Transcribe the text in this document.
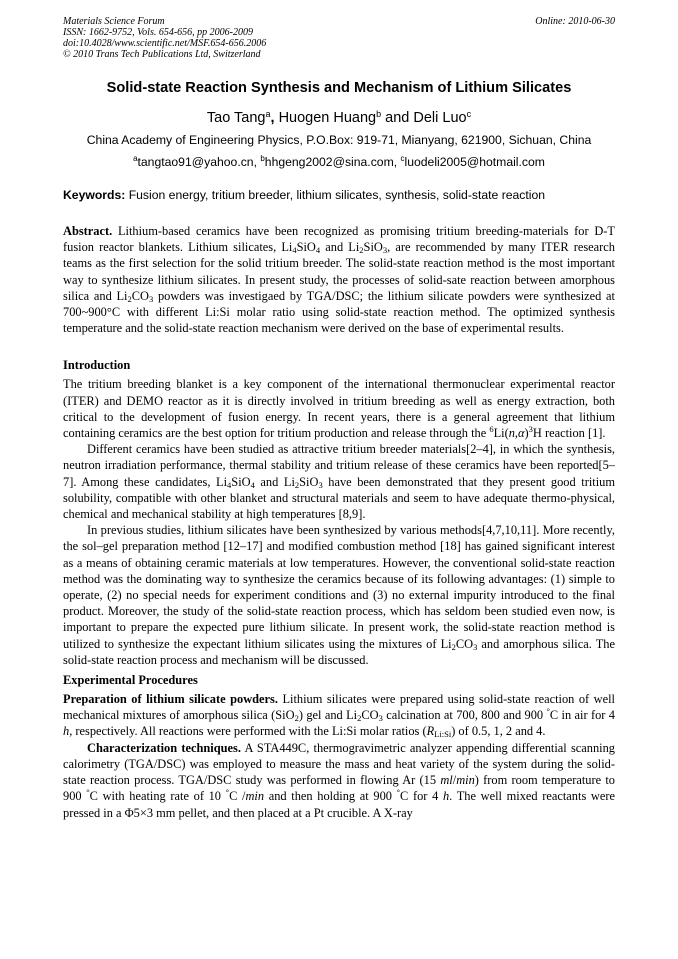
Materials Science Forum
ISSN: 1662-9752, Vols. 654-656, pp 2006-2009
doi:10.4028/www.scientific.net/MSF.654-656.2006
© 2010 Trans Tech Publications Ltd, Switzerland
Online: 2010-06-30
Solid-state Reaction Synthesis and Mechanism of Lithium Silicates
Tao Tang$^a$, Huogen Huang$^b$ and Deli Luo$^c$
China Academy of Engineering Physics, P.O.Box: 919-71, Mianyang, 621900, Sichuan, China
$^a$tangtao91@yahoo.cn, $^b$hhgeng2002@sina.com, $^c$luodeli2005@hotmail.com
Keywords: Fusion energy, tritium breeder, lithium silicates, synthesis, solid-state reaction

Abstract. Lithium-based ceramics have been recognized as promising tritium breeding-materials for D-T fusion reactor blankets. Lithium silicates, $Li_4SiO_4$ and $Li_2SiO_3$, are recommended by many ITER research teams as the first selection for the solid tritium breeder. The solid-state reaction method is the most important way to synthesize lithium silicates. In present study, the processes of solid-sate reaction between amorphous silica and $Li_2CO_3$ powders was investigaed by TGA/DSC; the lithium silicate powders were synthesized at 700~900°C with different Li:Si molar ratio using solid-state reaction method. The optimized synthesis temperature and the solid-state reaction mechanism were derived on the base of experimental results.

Introduction

The tritium breeding blanket is a key component of the international thermonuclear experimental reactor (ITER) and DEMO reactor as it is directly involved in tritium breeding as well as energy extraction, both critical to the development of fusion energy. In recent years, there is a general agreement that lithium containing ceramics are the best option for tritium production and release through the $^6Li(n,\alpha)^3H$ reaction [1].

Different ceramics have been studied as attractive tritium breeder materials[2–4], in which the synthesis, neutron irradiation performance, thermal stability and tritium release of these ceramics have been reported[5–7]. Among these candidates, $Li_4SiO_4$ and $Li_2SiO_3$ have been demonstrated that they present good tritium solubility, compatible with other blanket and structural materials and seem to have adequate thermo-physical, chemical and mechanical stability at high temperatures [8,9].

In previous studies, lithium silicates have been synthesized by various methods[4,7,10,11]. More recently, the sol–gel preparation method [12–17] and modified combustion method [18] has gained significant interest as a means of obtaining ceramic materials at low temperatures. However, the conventional solid-state reaction method was the dominating way to synthesize the ceramics because of its following advantages: (1) simple to operate, (2) no special needs for experiment conditions and (3) no external impurity introduced to the final product. Moreover, the study of the solid-state reaction process, which has seldom been studied even now, is important to prepare the expected pure lithium silicate. In present work, the solid-state reaction method is utilized to synthesize the expectant lithium silicates using the mixtures of $Li_2CO_3$ and amorphous silica. The solid-state reaction process and mechanism will be discussed.

Experimental Procedures

Preparation of lithium silicate powders. Lithium silicates were prepared using solid-state reaction of well mechanical mixtures of amorphous silica (SiO$_2$) gel and $Li_2CO_3$ calcination at 700, 800 and 900 °C in air for 4 h, respectively. All reactions were performed with the Li:Si molar ratios $(R_{Li:Si})$ of 0.5, 1, 2 and 4.

Characterization techniques. A STA449C, thermogravimetric analyzer appending differential scanning calorimetry (TGA/DSC) was employed to measure the mass and heat variety of the system during the solid-state reaction process. TGA/DSC study was performed in flowing Ar (15 ml/min) from room temperature to 900 °C with heating rate of 10 °C /min and then holding at 900 °C for 4 h. The well mixed reactants were pressed in a Φ5×3 mm pellet, and then placed at a Pt crucible. A X-ray
